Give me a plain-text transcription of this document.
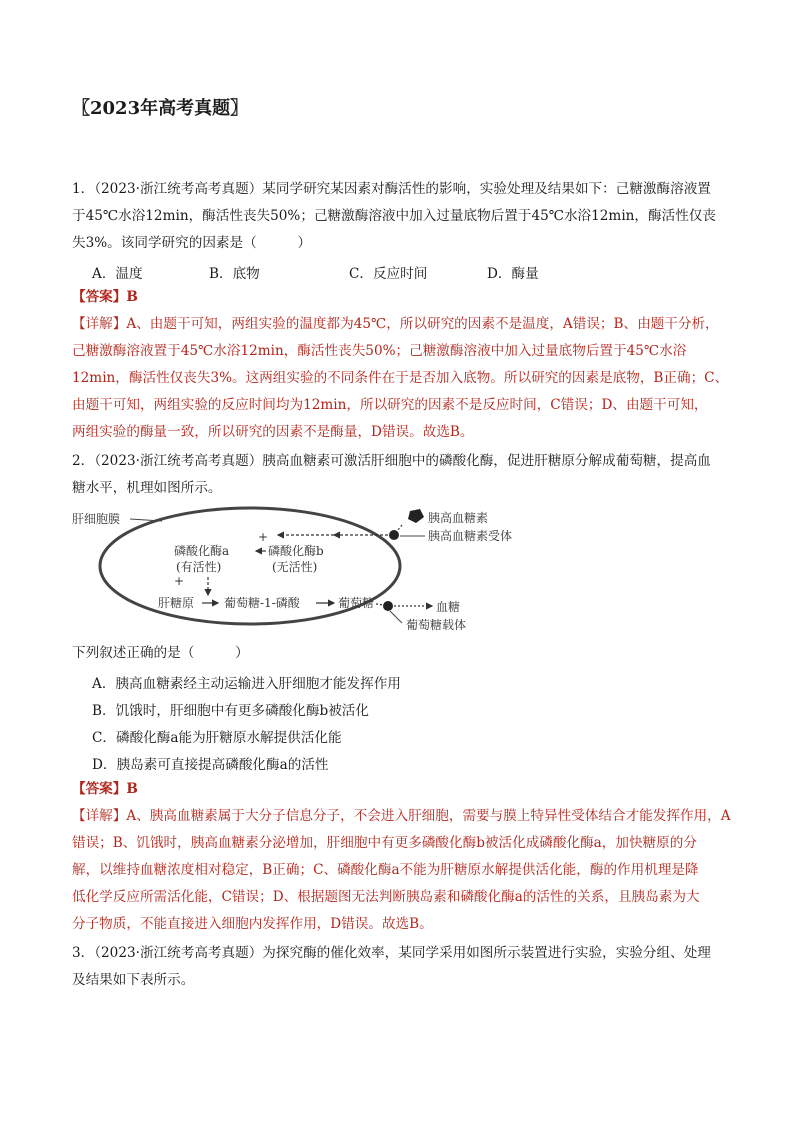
〖2023年高考真题〗
1．（2023·浙江统考高考真题）某同学研究某因素对酶活性的影响，实验处理及结果如下：己糖激酶溶液置
于45℃水浴12min，酶活性丧失50%；己糖激酶溶液中加入过量底物后置于45℃水浴12min，酶活性仅丧
失3%。该同学研究的因素是（　　　）
A．温度	B．底物	C．反应时间	D．酶量
【答案】B
【详解】A、由题干可知，两组实验的温度都为45℃，所以研究的因素不是温度，A错误；B、由题干分析，
己糖激酶溶液置于45℃水浴12min，酶活性丧失50%；己糖激酶溶液中加入过量底物后置于45℃水浴
12min，酶活性仅丧失3%。这两组实验的不同条件在于是否加入底物。所以研究的因素是底物，B正确；C、
由题干可知，两组实验的反应时间均为12min，所以研究的因素不是反应时间，C错误；D、由题干可知，
两组实验的酶量一致，所以研究的因素不是酶量，D错误。故选B。
2．（2023·浙江统考高考真题）胰高血糖素可激活肝细胞中的磷酸化酶，促进肝糖原分解成葡萄糖，提高血
糖水平，机理如图所示。
肝细胞膜	胰高血糖素
胰高血糖素受体
+
磷酸化酶b
(无活性)
磷酸化酶a
(有活性)
+
肝糖原 葡萄糖-1-磷酸	葡萄糖	血糖
葡萄糖载体
下列叙述正确的是（　　　）
A．胰高血糖素经主动运输进入肝细胞才能发挥作用
B．饥饿时，肝细胞中有更多磷酸化酶b被活化
C．磷酸化酶a能为肝糖原水解提供活化能
D．胰岛素可直接提高磷酸化酶a的活性
【答案】B
【详解】A、胰高血糖素属于大分子信息分子，不会进入肝细胞，需要与膜上特异性受体结合才能发挥作用，A
错误；B、饥饿时，胰高血糖素分泌增加，肝细胞中有更多磷酸化酶b被活化成磷酸化酶a，加快糖原的分
解，以维持血糖浓度相对稳定，B正确；C、磷酸化酶a不能为肝糖原水解提供活化能，酶的作用机理是降
低化学反应所需活化能，C错误；D、根据题图无法判断胰岛素和磷酸化酶a的活性的关系，且胰岛素为大
分子物质，不能直接进入细胞内发挥作用，D错误。故选B。
3．（2023·浙江统考高考真题）为探究酶的催化效率，某同学采用如图所示装置进行实验，实验分组、处理
及结果如下表所示。
